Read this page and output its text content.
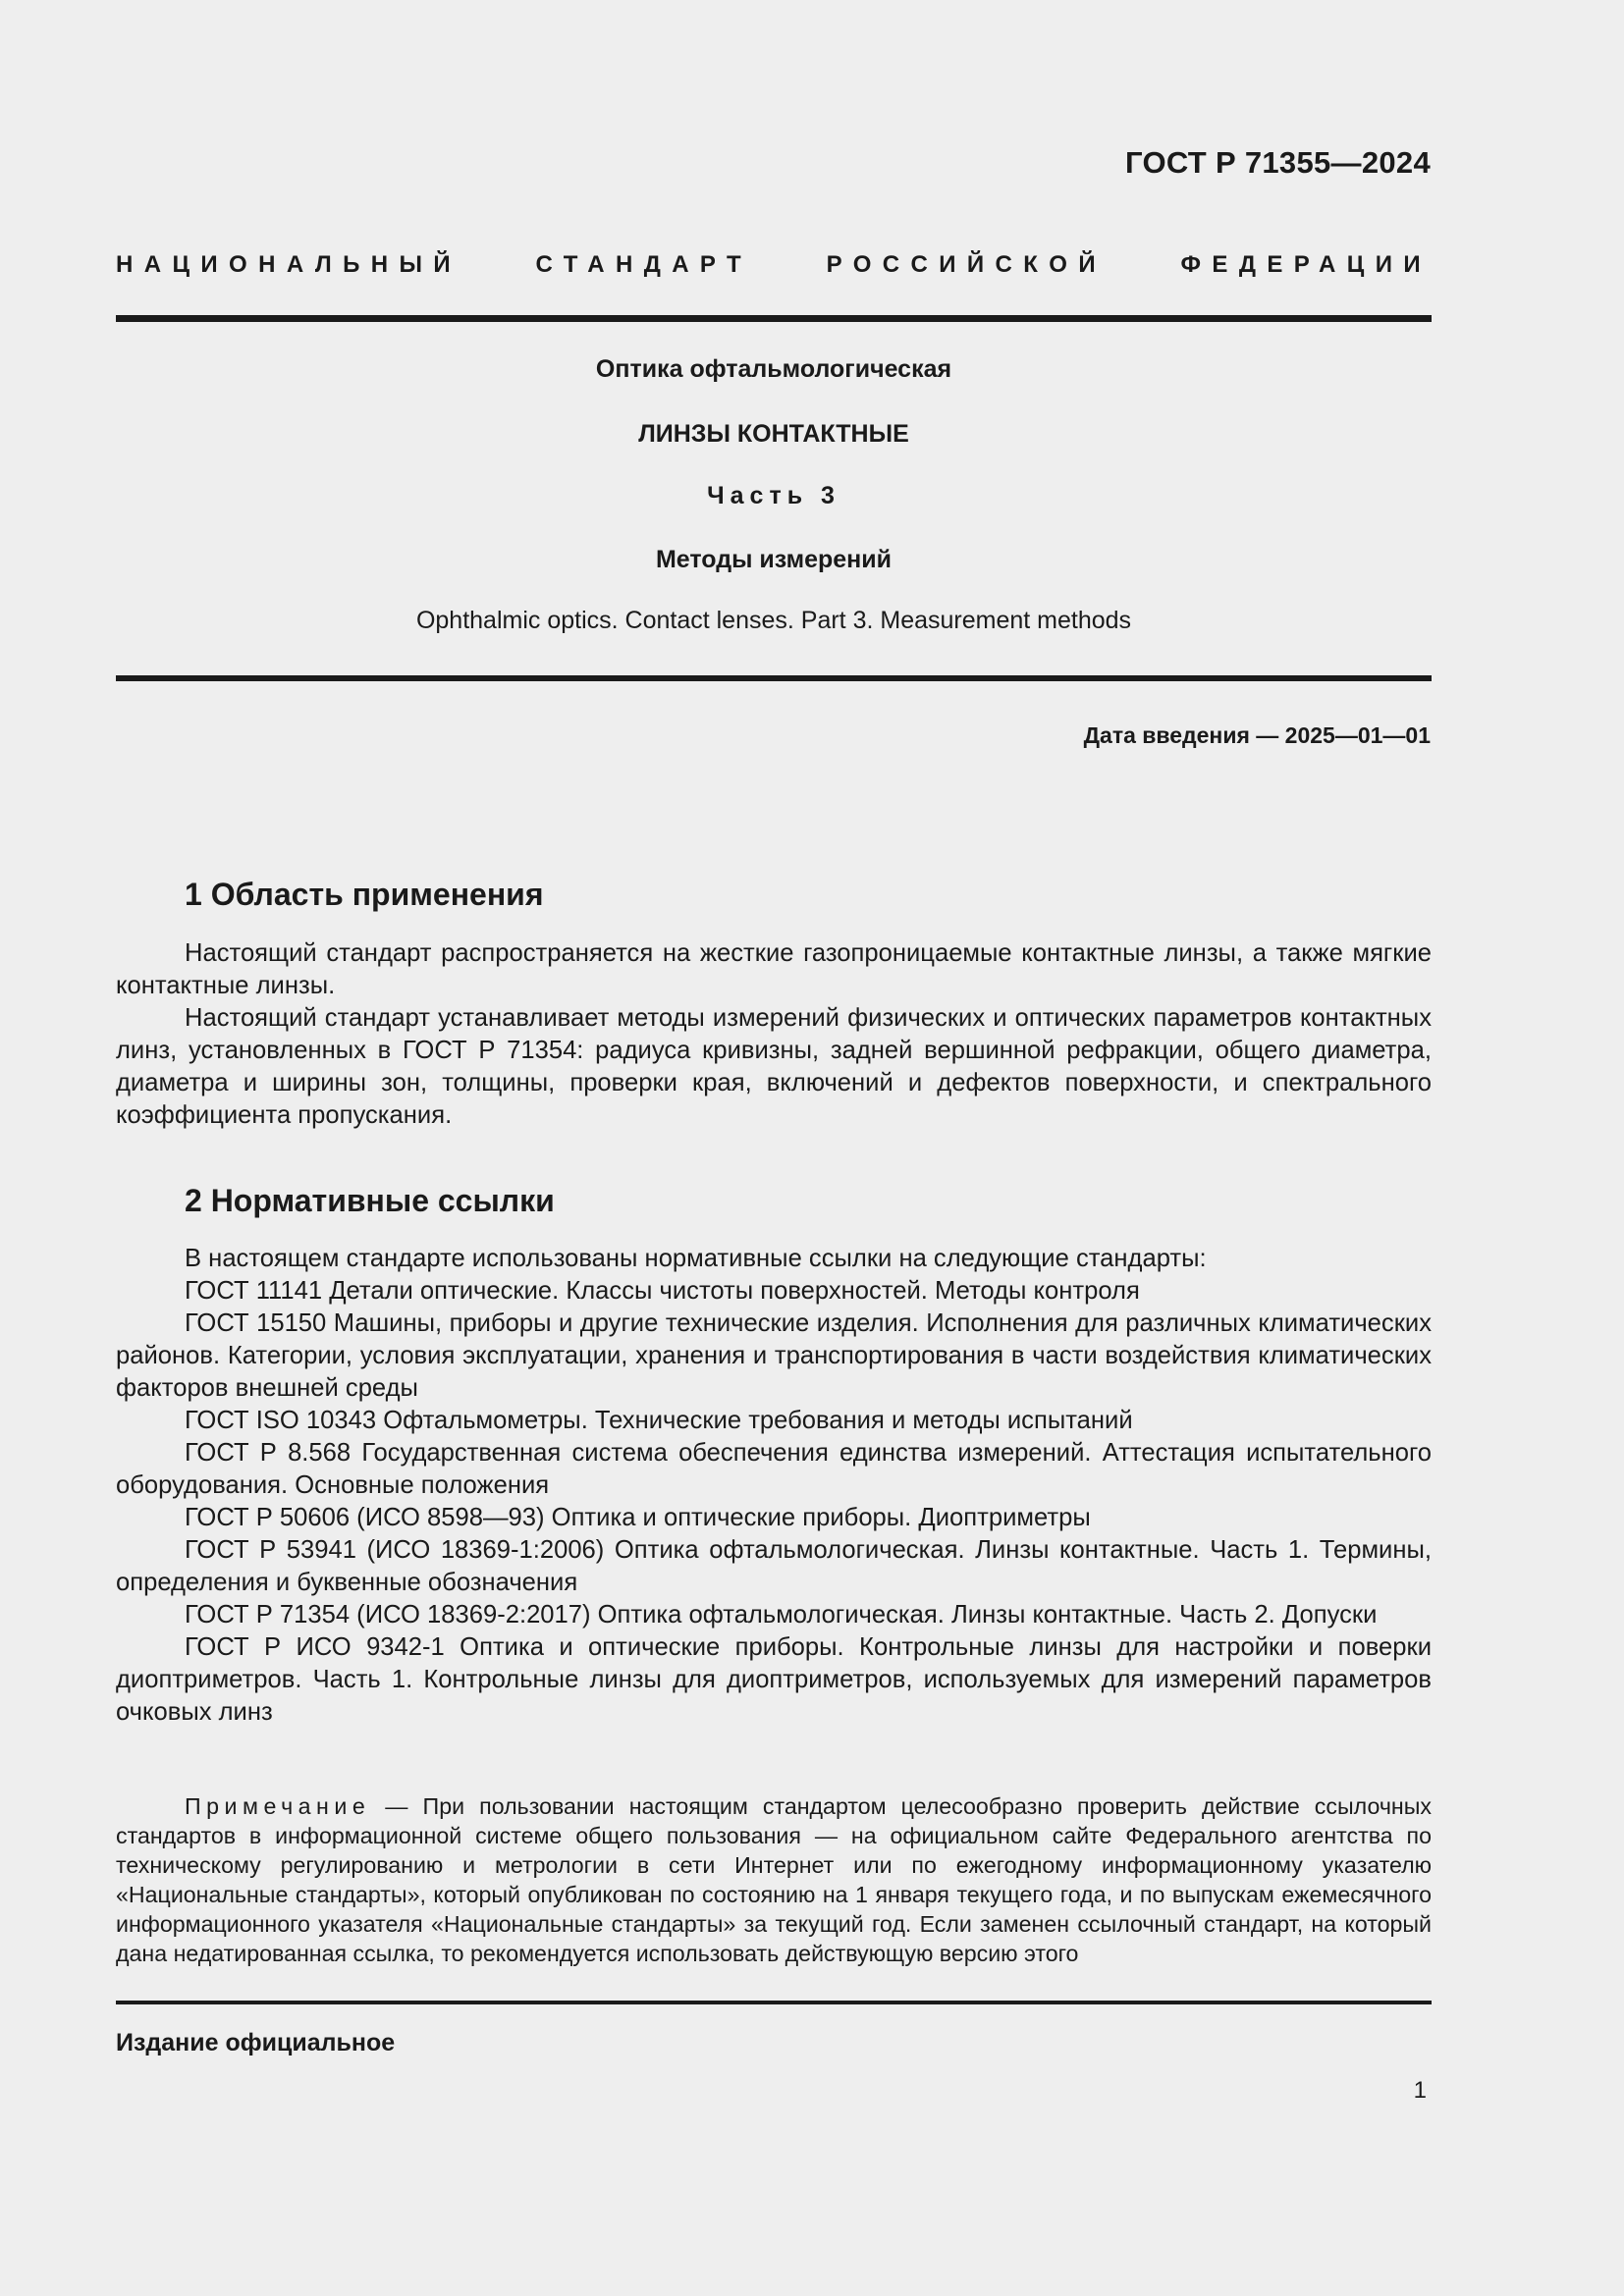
ГОСТ Р 71355—2024
НАЦИОНАЛЬНЫЙ СТАНДАРТ РОССИЙСКОЙ ФЕДЕРАЦИИ
Оптика офтальмологическая
ЛИНЗЫ КОНТАКТНЫЕ
Часть 3
Методы измерений
Ophthalmic optics. Contact lenses. Part 3. Measurement methods
Дата введения — 2025—01—01
1 Область применения

Настоящий стандарт распространяется на жесткие газопроницаемые контактные линзы, а также мягкие контактные линзы.

Настоящий стандарт устанавливает методы измерений физических и оптических параметров контактных линз, установленных в ГОСТ Р 71354: радиуса кривизны, задней вершинной рефракции, общего диаметра, диаметра и ширины зон, толщины, проверки края, включений и дефектов поверхности, и спектрального коэффициента пропускания.

2 Нормативные ссылки

В настоящем стандарте использованы нормативные ссылки на следующие стандарты:

ГОСТ 11141 Детали оптические. Классы чистоты поверхностей. Методы контроля

ГОСТ 15150 Машины, приборы и другие технические изделия. Исполнения для различных климатических районов. Категории, условия эксплуатации, хранения и транспортирования в части воздействия климатических факторов внешней среды

ГОСТ ISO 10343 Офтальмометры. Технические требования и методы испытаний

ГОСТ Р 8.568 Государственная система обеспечения единства измерений. Аттестация испытательного оборудования. Основные положения

ГОСТ Р 50606 (ИСО 8598—93) Оптика и оптические приборы. Диоптриметры

ГОСТ Р 53941 (ИСО 18369-1:2006) Оптика офтальмологическая. Линзы контактные. Часть 1. Термины, определения и буквенные обозначения

ГОСТ Р 71354 (ИСО 18369-2:2017) Оптика офтальмологическая. Линзы контактные. Часть 2. Допуски

ГОСТ Р ИСО 9342-1 Оптика и оптические приборы. Контрольные линзы для настройки и поверки диоптриметров. Часть 1. Контрольные линзы для диоптриметров, используемых для измерений параметров очковых линз

Примечание — При пользовании настоящим стандартом целесообразно проверить действие ссылочных стандартов в информационной системе общего пользования — на официальном сайте Федерального агентства по техническому регулированию и метрологии в сети Интернет или по ежегодному информационному указателю «Национальные стандарты», который опубликован по состоянию на 1 января текущего года, и по выпускам ежемесячного информационного указателя «Национальные стандарты» за текущий год. Если заменен ссылочный стандарт, на который дана недатированная ссылка, то рекомендуется использовать действующую версию этого

Издание официальное
1
